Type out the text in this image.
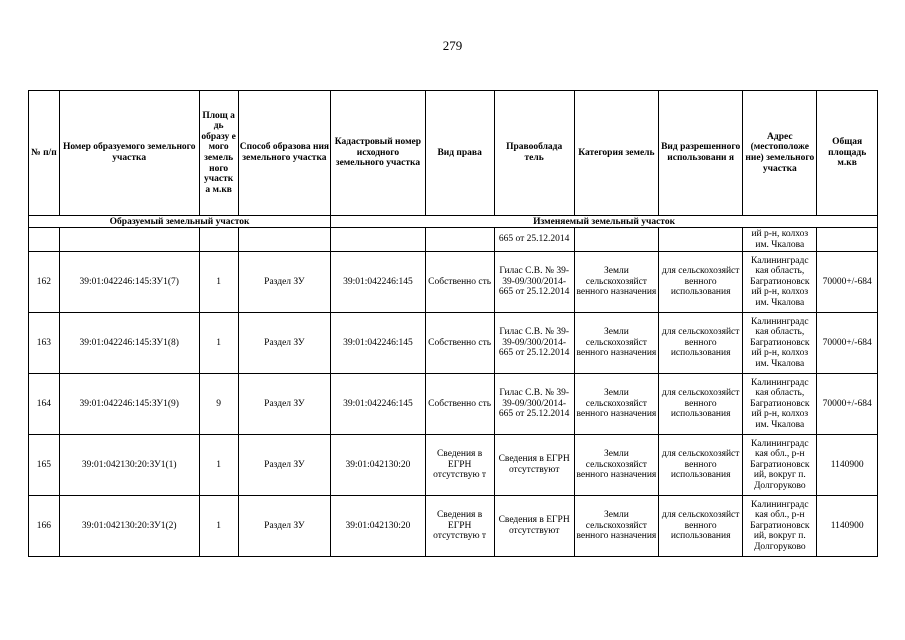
279
№ п/п	Номер образуемого земельного участка	Площ а дь образу е мого земель ного участк а м.кв	Способ образова ния земельного участка	Кадастровый номер исходного земельного участка	Вид права	Правооблада тель	Категория земель	Вид разрешенного использовани я	Адрес (местоположе ние) земельного участка	Общая площадь м.кв
Образуемый земельный участок				Изменяемый земельный участок						
						665 от 25.12.2014			ий р-н, колхоз им. Чкалова	
162	39:01:042246:145:ЗУ1(7)	1	Раздел ЗУ	39:01:042246:145	Собственно сть	Гилас С.В. № 39-39-09/300/2014-665 от 25.12.2014	Земли сельскохозяйст венного назначения	для сельскохозяйст венного использования	Калининградс кая область, Багратионовск ий р-н, колхоз им. Чкалова	70000+/-684
163	39:01:042246:145:ЗУ1(8)	1	Раздел ЗУ	39:01:042246:145	Собственно сть	Гилас С.В. № 39-39-09/300/2014-665 от 25.12.2014	Земли сельскохозяйст венного назначения	для сельскохозяйст венного использования	Калининградс кая область, Багратионовск ий р-н, колхоз им. Чкалова	70000+/-684
164	39:01:042246:145:ЗУ1(9)	9	Раздел ЗУ	39:01:042246:145	Собственно сть	Гилас С.В. № 39-39-09/300/2014-665 от 25.12.2014	Земли сельскохозяйст венного назначения	для сельскохозяйст венного использования	Калининградс кая область, Багратионовск ий р-н, колхоз им. Чкалова	70000+/-684
165	39:01:042130:20:ЗУ1(1)	1	Раздел ЗУ	39:01:042130:20	Сведения в ЕГРН отсутствую т	Сведения в ЕГРН отсутствуют	Земли сельскохозяйст венного назначения	для сельскохозяйст венного использования	Калининградс кая обл., р-н Багратионовск ий, вокруг п. Долгоруково	1140900
166	39:01:042130:20:ЗУ1(2)	1	Раздел ЗУ	39:01:042130:20	Сведения в ЕГРН отсутствую т	Сведения в ЕГРН отсутствуют	Земли сельскохозяйст венного назначения	для сельскохозяйст венного использования	Калининградс кая обл., р-н Багратионовск ий, вокруг п. Долгоруково	1140900
